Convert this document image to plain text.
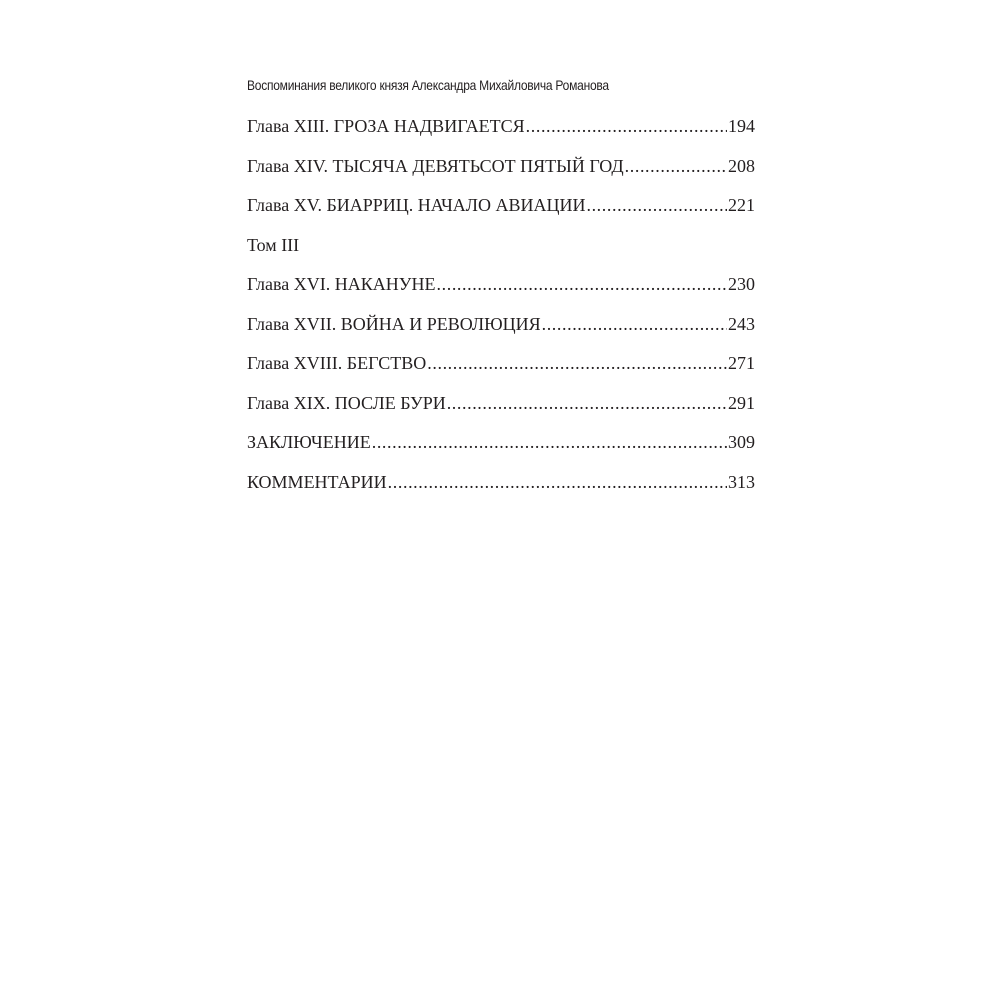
Воспоминания великого князя Александра Михайловича Романова
Глава XIII. ГРОЗА НАДВИГАЕТСЯ .....	194
Глава XIV. ТЫСЯЧА ДЕВЯТЬСОТ ПЯТЫЙ ГОД .....	208
Глава XV. БИАРРИЦ. НАЧАЛО АВИАЦИИ .....	221
Том III
Глава XVI. НАКАНУНЕ .....	230
Глава XVII. ВОЙНА И РЕВОЛЮЦИЯ .....	243
Глава XVIII. БЕГСТВО .....	271
Глава XIX. ПОСЛЕ БУРИ .....	291
ЗАКЛЮЧЕНИЕ .....	309
КОММЕНТАРИИ .....	313
